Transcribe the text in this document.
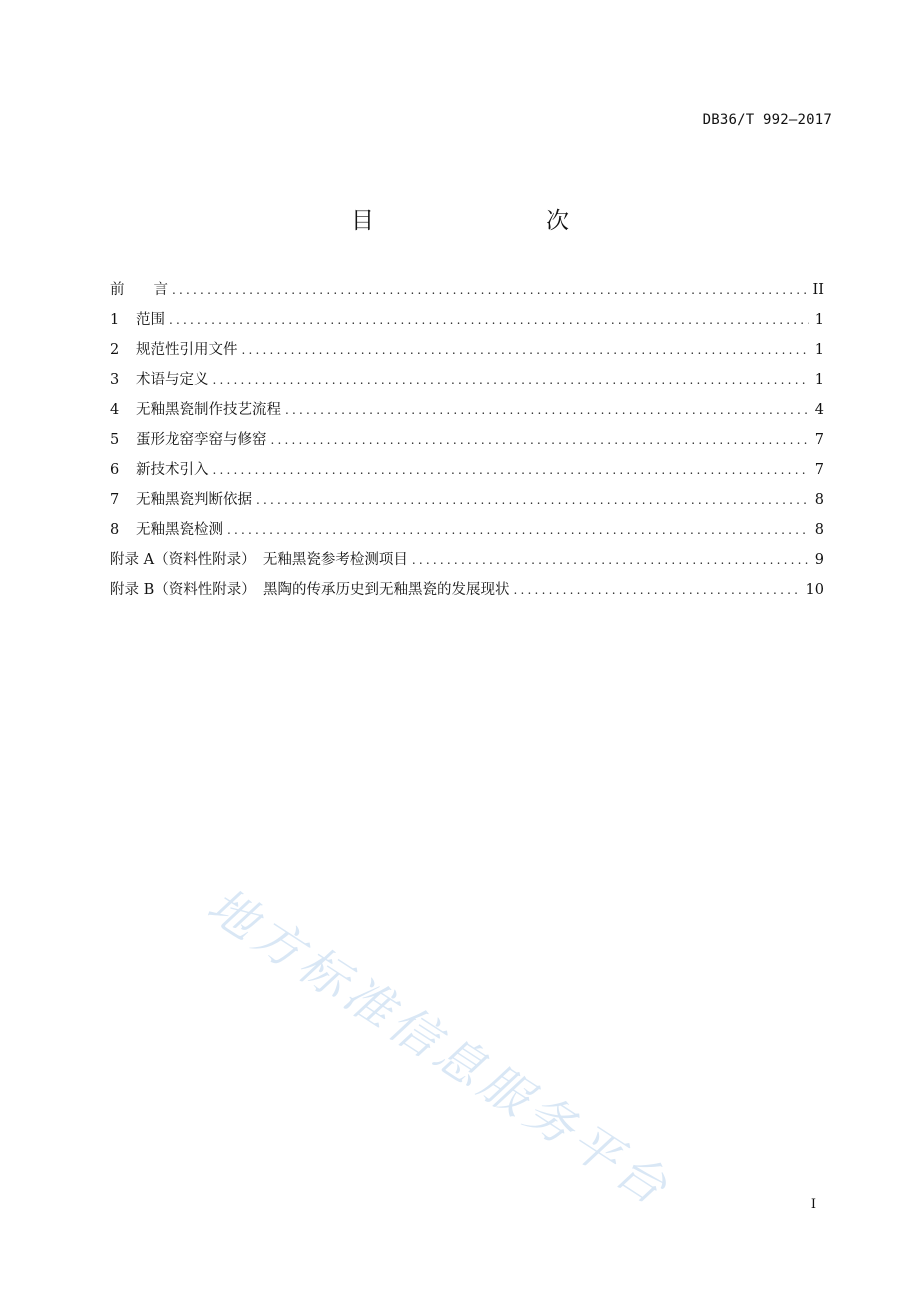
DB36/T 992—2017
目　　次
前　　言 .....	II
1	范围 .....	1
2	规范性引用文件 .....	1
3	术语与定义 .....	1
4	无釉黑瓷制作技艺流程 .....	4
5	蛋形龙窑孪窑与修窑 .....	7
6	新技术引入 .....	7
7	无釉黑瓷判断依据 .....	8
8	无釉黑瓷检测 .....	8
附录 A（资料性附录）　无釉黑瓷参考检测项目 .....	9
附录 B（资料性附录）　黑陶的传承历史到无釉黑瓷的发展现状 .....	10
地方标准信息服务平台	I
